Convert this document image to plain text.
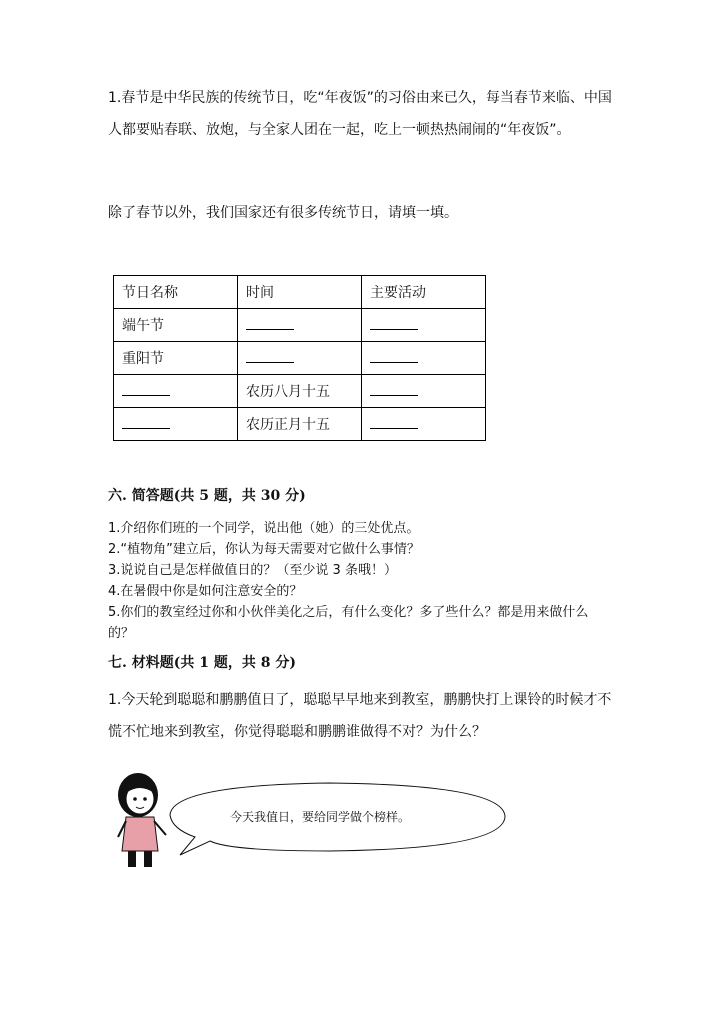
1.春节是中华民族的传统节日，吃“年夜饭”的习俗由来已久，每当春节来临、中国人都要贴春联、放炮，与全家人团在一起，吃上一顿热热闹闹的“年夜饭”。

除了春节以外，我们国家还有很多传统节日，请填一填。

节日名称	时间	主要活动
端午节		
重阳节		
	农历八月十五	
	农历正月十五	
六. 简答题(共 5 题，共 30 分)
1.介绍你们班的一个同学，说出他（她）的三处优点。
2.“植物角”建立后，你认为每天需要对它做什么事情？
3.说说自己是怎样做值日的？（至少说 3 条哦！）
4.在暑假中你是如何注意安全的？
5.你们的教室经过你和小伙伴美化之后，有什么变化？多了些什么？都是用来做什么的？
七. 材料题(共 1 题，共 8 分)

1.今天轮到聪聪和鹏鹏值日了，聪聪早早地来到教室，鹏鹏快打上课铃的时候才不慌不忙地来到教室，你觉得聪聪和鹏鹏谁做得不对？为什么？

今天我值日，要给同学做个榜样。
